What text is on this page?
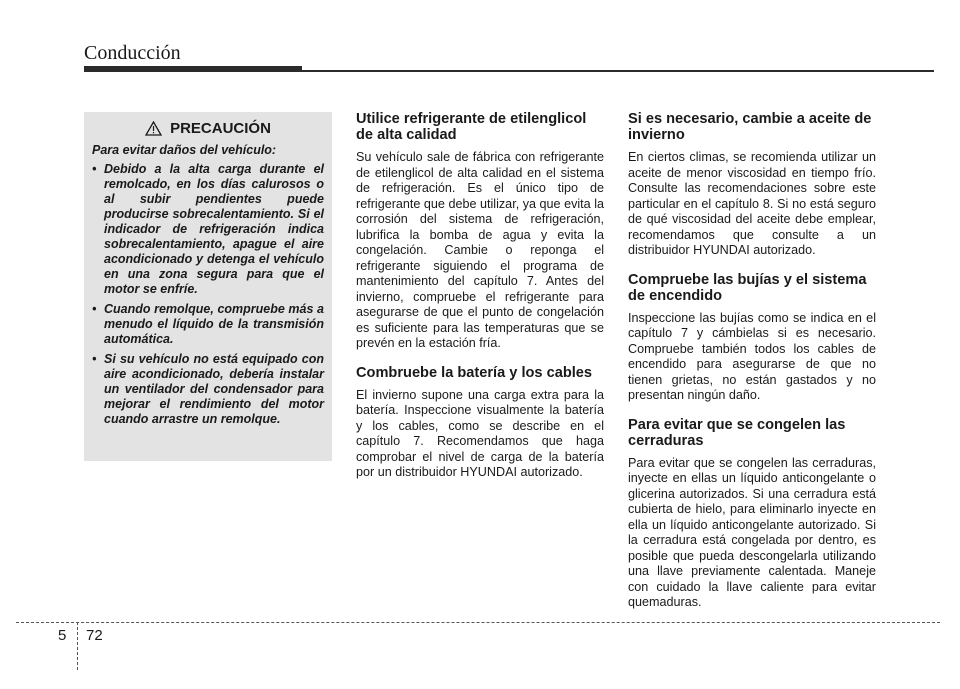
Conducción
PRECAUCIÓN
Para evitar daños del vehículo:
• Debido a la alta carga durante el remolcado, en los días calurosos o al subir pendientes puede producirse sobrecalentamiento. Si el indicador de refrigeración indica sobrecalentamiento, apague el aire acondicionado y detenga el vehículo en una zona segura para que el motor se enfríe.
• Cuando remolque, compruebe más a menudo el líquido de la transmisión automática.
• Si su vehículo no está equipado con aire acondicionado, debería instalar un ventilador del condensador para mejorar el rendimiento del motor cuando arrastre un remolque.
Utilice refrigerante de etilenglicol de alta calidad
Su vehículo sale de fábrica con refrigerante de etilenglicol de alta calidad en el sistema de refrigeración. Es el único tipo de refrigerante que debe utilizar, ya que evita la corrosión del sistema de refrigeración, lubrifica la bomba de agua y evita la congelación. Cambie o reponga el refrigerante siguiendo el programa de mantenimiento del capítulo 7. Antes del invierno, compruebe el refrigerante para asegurarse de que el punto de congelación es suficiente para las temperaturas que se prevén en la estación fría.
Combruebe la batería y los cables
El invierno supone una carga extra para la batería. Inspeccione visualmente la batería y los cables, como se describe en el capítulo 7. Recomendamos que haga comprobar el nivel de carga de la batería por un distribuidor HYUNDAI autorizado.
Si es necesario, cambie a aceite de invierno
En ciertos climas, se recomienda utilizar un aceite de menor viscosidad en tiempo frío. Consulte las recomendaciones sobre este particular en el capítulo 8. Si no está seguro de qué viscosidad del aceite debe emplear, recomendamos que consulte a un distribuidor HYUNDAI autorizado.
Compruebe las bujías y el sistema de encendido
Inspeccione las bujías como se indica en el capítulo 7 y cámbielas si es necesario. Compruebe también todos los cables de encendido para asegurarse de que no tienen grietas, no están gastados y no presentan ningún daño.
Para evitar que se congelen las cerraduras
Para evitar que se congelen las cerraduras, inyecte en ellas un líquido anticongelante o glicerina autorizados. Si una cerradura está cubierta de hielo, para eliminarlo inyecte en ella un líquido anticongelante autorizado. Si la cerradura está congelada por dentro, es posible que pueda descongelarla utilizando una llave previamente calentada. Maneje con cuidado la llave caliente para evitar quemaduras.
5 72
